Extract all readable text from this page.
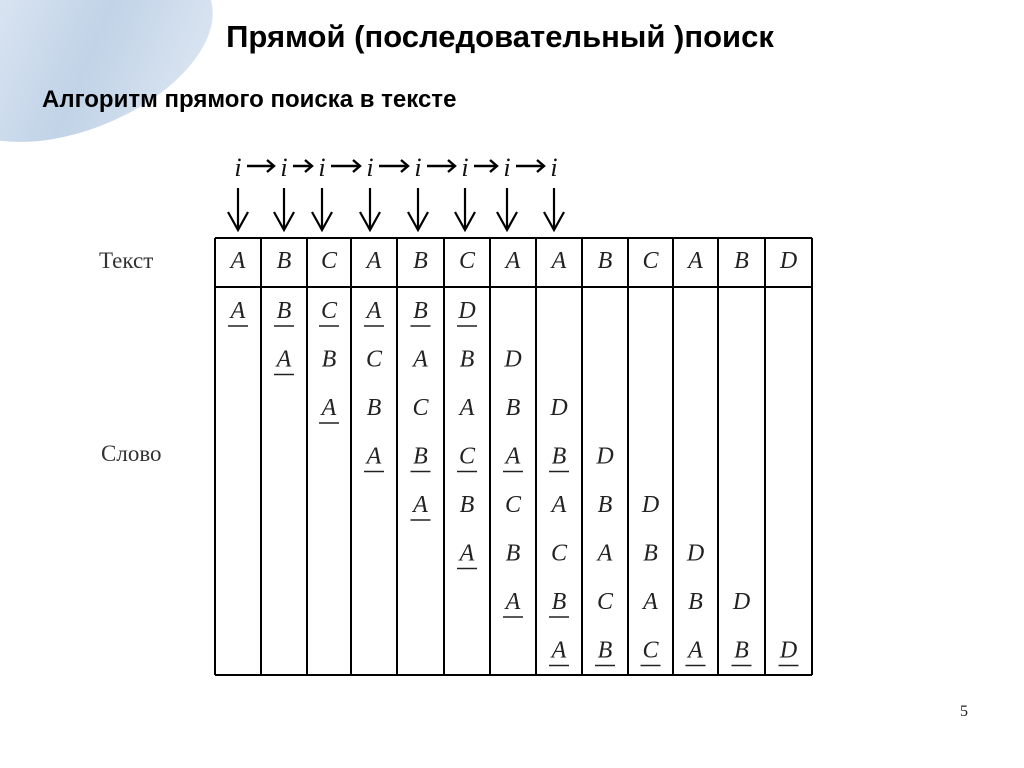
Прямой (последовательный )поиск
Алгоритм прямого поиска в тексте
Текст
Слово
i i i i i i i i
A B C A B C A A B C A B D
A B
A
C
B
A
A
C
B
A
B
A
C
B
A
D
B
A
C
B
A
D
B
A
C
B
A
D
B
A
C
B
A
D
B
A
C
B
D
B
A
C
D
B
A
D
B D
5
